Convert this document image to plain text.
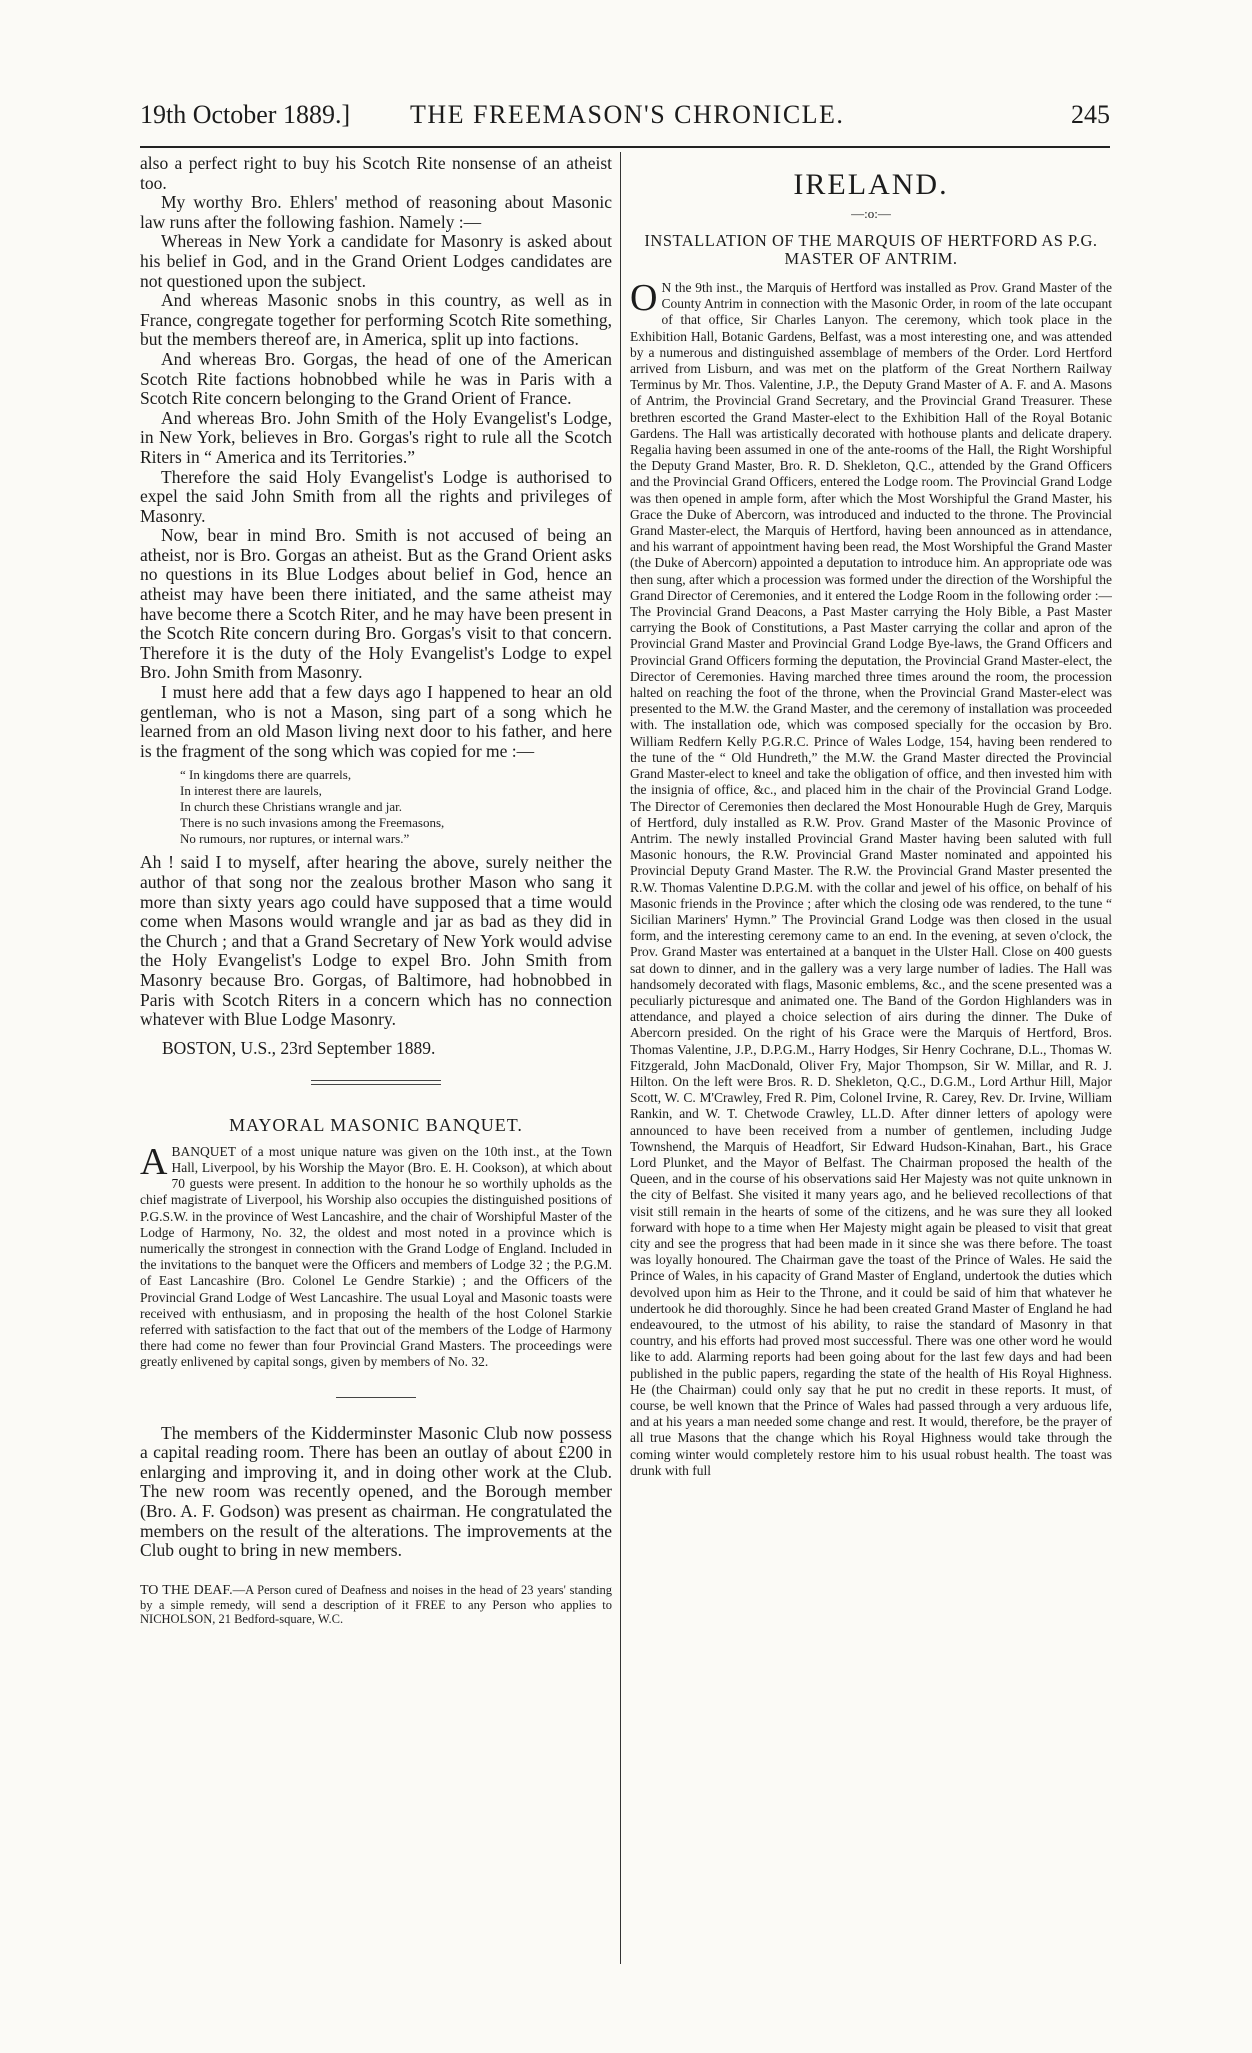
19th October 1889.] THE FREEMASON'S CHRONICLE.	245

also a perfect right to buy his Scotch Rite nonsense of an atheist too.

My worthy Bro. Ehlers' method of reasoning about Masonic law runs after the following fashion. Namely :—

Whereas in New York a candidate for Masonry is asked about his belief in God, and in the Grand Orient Lodges candidates are not questioned upon the subject.

And whereas Masonic snobs in this country, as well as in France, congregate together for performing Scotch Rite something, but the members thereof are, in America, split up into factions.

And whereas Bro. Gorgas, the head of one of the American Scotch Rite factions hobnobbed while he was in Paris with a Scotch Rite concern belonging to the Grand Orient of France.

And whereas Bro. John Smith of the Holy Evangelist's Lodge, in New York, believes in Bro. Gorgas's right to rule all the Scotch Riters in “ America and its Territories.”

Therefore the said Holy Evangelist's Lodge is authorised to expel the said John Smith from all the rights and privileges of Masonry.

Now, bear in mind Bro. Smith is not accused of being an atheist, nor is Bro. Gorgas an atheist. But as the Grand Orient asks no questions in its Blue Lodges about belief in God, hence an atheist may have been there initiated, and the same atheist may have become there a Scotch Riter, and he may have been present in the Scotch Rite concern during Bro. Gorgas's visit to that concern. Therefore it is the duty of the Holy Evangelist's Lodge to expel Bro. John Smith from Masonry.

I must here add that a few days ago I happened to hear an old gentleman, who is not a Mason, sing part of a song which he learned from an old Mason living next door to his father, and here is the fragment of the song which was copied for me :—

“ In kingdoms there are quarrels,
In interest there are laurels,
In church these Christians wrangle and jar.
There is no such invasions among the Freemasons,
No rumours, nor ruptures, or internal wars.”

Ah ! said I to myself, after hearing the above, surely neither the author of that song nor the zealous brother Mason who sang it more than sixty years ago could have supposed that a time would come when Masons would wrangle and jar as bad as they did in the Church ; and that a Grand Secretary of New York would advise the Holy Evangelist's Lodge to expel Bro. John Smith from Masonry because Bro. Gorgas, of Baltimore, had hobnobbed in Paris with Scotch Riters in a concern which has no connection whatever with Blue Lodge Masonry.

BOSTON, U.S., 23rd September 1889.
MAYORAL MASONIC BANQUET.
A BANQUET of a most unique nature was given on the 10th inst., at the Town Hall, Liverpool, by his Worship the Mayor (Bro. E. H. Cookson), at which about 70 guests were present. In addition to the honour he so worthily upholds as the chief magistrate of Liverpool, his Worship also occupies the distinguished positions of P.G.S.W. in the province of West Lancashire, and the chair of Worshipful Master of the Lodge of Harmony, No. 32, the oldest and most noted in a province which is numerically the strongest in connection with the Grand Lodge of England. Included in the invitations to the banquet were the Officers and members of Lodge 32 ; the P.G.M. of East Lancashire (Bro. Colonel Le Gendre Starkie) ; and the Officers of the Provincial Grand Lodge of West Lancashire. The usual Loyal and Masonic toasts were received with enthusiasm, and in proposing the health of the host Colonel Starkie referred with satisfaction to the fact that out of the members of the Lodge of Harmony there had come no fewer than four Provincial Grand Masters. The proceedings were greatly enlivened by capital songs, given by members of No. 32.

The members of the Kidderminster Masonic Club now possess a capital reading room. There has been an outlay of about £200 in enlarging and improving it, and in doing other work at the Club. The new room was recently opened, and the Borough member (Bro. A. F. Godson) was present as chairman. He congratulated the members on the result of the alterations. The improvements at the Club ought to bring in new members.

TO THE DEAF.—A Person cured of Deafness and noises in the head of 23 years' standing by a simple remedy, will send a description of it FREE to any Person who applies to NICHOLSON, 21 Bedford-square, W.C.
IRELAND.
—:o:—
INSTALLATION OF THE MARQUIS OF HERTFORD AS P.G. MASTER OF ANTRIM.
O N the 9th inst., the Marquis of Hertford was installed as Prov. Grand Master of the County Antrim in connection with the Masonic Order, in room of the late occupant of that office, Sir Charles Lanyon. The ceremony, which took place in the Exhibition Hall, Botanic Gardens, Belfast, was a most interesting one, and was attended by a numerous and distinguished assemblage of members of the Order. Lord Hertford arrived from Lisburn, and was met on the platform of the Great Northern Railway Terminus by Mr. Thos. Valentine, J.P., the Deputy Grand Master of A. F. and A. Masons of Antrim, the Provincial Grand Secretary, and the Provincial Grand Treasurer. These brethren escorted the Grand Master-elect to the Exhibition Hall of the Royal Botanic Gardens. The Hall was artistically decorated with hothouse plants and delicate drapery. Regalia having been assumed in one of the ante-rooms of the Hall, the Right Worshipful the Deputy Grand Master, Bro. R. D. Shekleton, Q.C., attended by the Grand Officers and the Provincial Grand Officers, entered the Lodge room. The Provincial Grand Lodge was then opened in ample form, after which the Most Worshipful the Grand Master, his Grace the Duke of Abercorn, was introduced and inducted to the throne. The Provincial Grand Master-elect, the Marquis of Hertford, having been announced as in attendance, and his warrant of appointment having been read, the Most Worshipful the Grand Master (the Duke of Abercorn) appointed a deputation to introduce him. An appropriate ode was then sung, after which a procession was formed under the direction of the Worshipful the Grand Director of Ceremonies, and it entered the Lodge Room in the following order :—The Provincial Grand Deacons, a Past Master carrying the Holy Bible, a Past Master carrying the Book of Constitutions, a Past Master carrying the collar and apron of the Provincial Grand Master and Provincial Grand Lodge Bye-laws, the Grand Officers and Provincial Grand Officers forming the deputation, the Provincial Grand Master-elect, the Director of Ceremonies. Having marched three times around the room, the procession halted on reaching the foot of the throne, when the Provincial Grand Master-elect was presented to the M.W. the Grand Master, and the ceremony of installation was proceeded with. The installation ode, which was composed specially for the occasion by Bro. William Redfern Kelly P.G.R.C. Prince of Wales Lodge, 154, having been rendered to the tune of the “ Old Hundreth,” the M.W. the Grand Master directed the Provincial Grand Master-elect to kneel and take the obligation of office, and then invested him with the insignia of office, &c., and placed him in the chair of the Provincial Grand Lodge. The Director of Ceremonies then declared the Most Honourable Hugh de Grey, Marquis of Hertford, duly installed as R.W. Prov. Grand Master of the Masonic Province of Antrim. The newly installed Provincial Grand Master having been saluted with full Masonic honours, the R.W. Provincial Grand Master nominated and appointed his Provincial Deputy Grand Master. The R.W. the Provincial Grand Master presented the R.W. Thomas Valentine D.P.G.M. with the collar and jewel of his office, on behalf of his Masonic friends in the Province ; after which the closing ode was rendered, to the tune “ Sicilian Mariners' Hymn.” The Provincial Grand Lodge was then closed in the usual form, and the interesting ceremony came to an end. In the evening, at seven o'clock, the Prov. Grand Master was entertained at a banquet in the Ulster Hall. Close on 400 guests sat down to dinner, and in the gallery was a very large number of ladies. The Hall was handsomely decorated with flags, Masonic emblems, &c., and the scene presented was a peculiarly picturesque and animated one. The Band of the Gordon Highlanders was in attendance, and played a choice selection of airs during the dinner. The Duke of Abercorn presided. On the right of his Grace were the Marquis of Hertford, Bros. Thomas Valentine, J.P., D.P.G.M., Harry Hodges, Sir Henry Cochrane, D.L., Thomas W. Fitzgerald, John MacDonald, Oliver Fry, Major Thompson, Sir W. Millar, and R. J. Hilton. On the left were Bros. R. D. Shekleton, Q.C., D.G.M., Lord Arthur Hill, Major Scott, W. C. M'Crawley, Fred R. Pim, Colonel Irvine, R. Carey, Rev. Dr. Irvine, William Rankin, and W. T. Chetwode Crawley, LL.D. After dinner letters of apology were announced to have been received from a number of gentlemen, including Judge Townshend, the Marquis of Headfort, Sir Edward Hudson-Kinahan, Bart., his Grace Lord Plunket, and the Mayor of Belfast. The Chairman proposed the health of the Queen, and in the course of his observations said Her Majesty was not quite unknown in the city of Belfast. She visited it many years ago, and he believed recollections of that visit still remain in the hearts of some of the citizens, and he was sure they all looked forward with hope to a time when Her Majesty might again be pleased to visit that great city and see the progress that had been made in it since she was there before. The toast was loyally honoured. The Chairman gave the toast of the Prince of Wales. He said the Prince of Wales, in his capacity of Grand Master of England, undertook the duties which devolved upon him as Heir to the Throne, and it could be said of him that whatever he undertook he did thoroughly. Since he had been created Grand Master of England he had endeavoured, to the utmost of his ability, to raise the standard of Masonry in that country, and his efforts had proved most successful. There was one other word he would like to add. Alarming reports had been going about for the last few days and had been published in the public papers, regarding the state of the health of His Royal Highness. He (the Chairman) could only say that he put no credit in these reports. It must, of course, be well known that the Prince of Wales had passed through a very arduous life, and at his years a man needed some change and rest. It would, therefore, be the prayer of all true Masons that the change which his Royal Highness would take through the coming winter would completely restore him to his usual robust health. The toast was drunk with full
